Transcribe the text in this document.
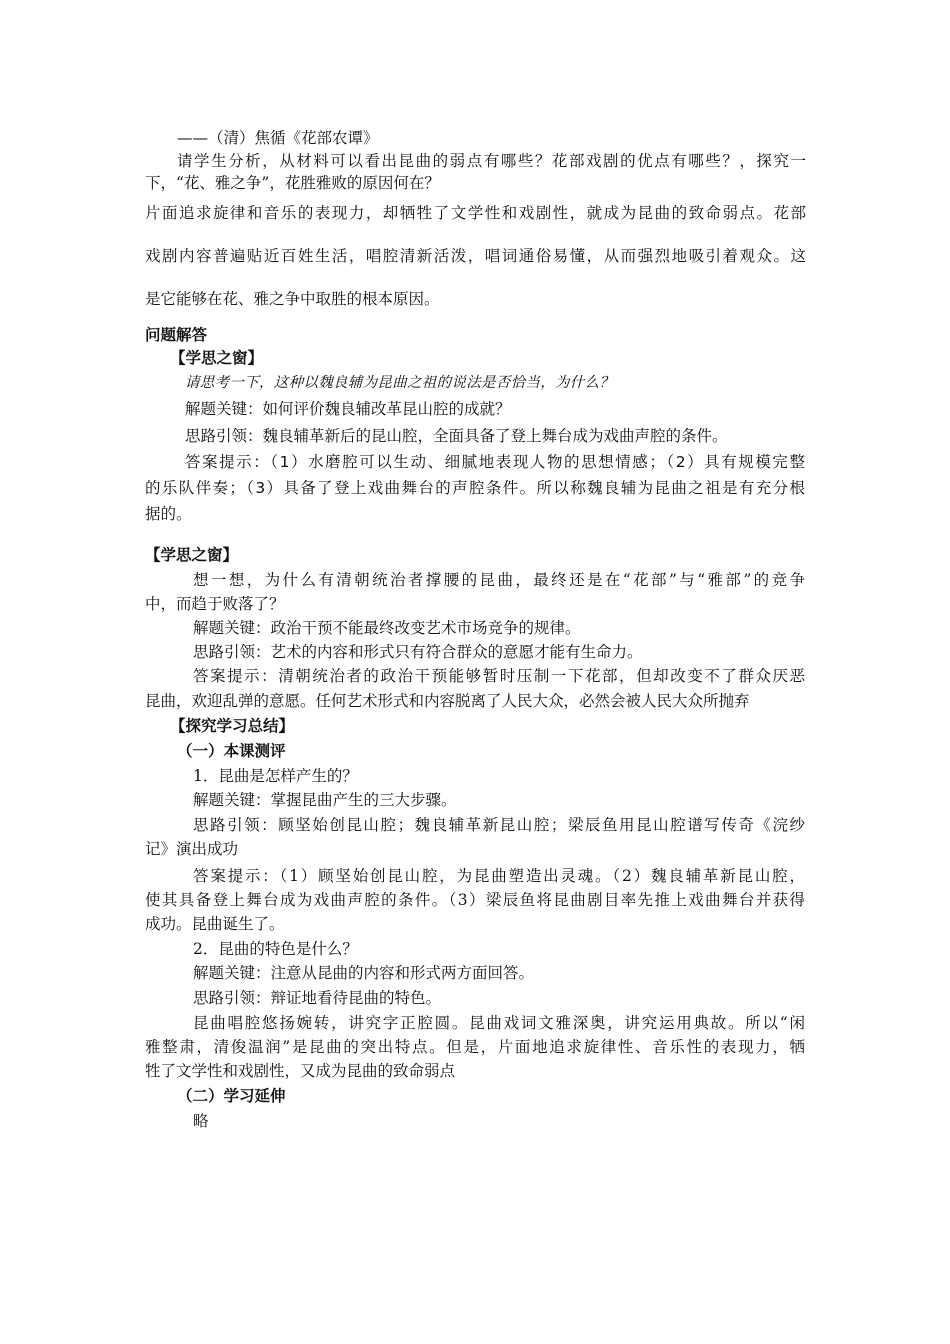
——（清）焦循《花部农谭》
请学生分析，从材料可以看出昆曲的弱点有哪些？花部戏剧的优点有哪些？，探究一
下，“花、雅之争”，花胜雅败的原因何在？
片面追求旋律和音乐的表现力，却牺牲了文学性和戏剧性，就成为昆曲的致命弱点。花部
戏剧内容普遍贴近百姓生活，唱腔清新活泼，唱词通俗易懂，从而强烈地吸引着观众。这
是它能够在花、雅之争中取胜的根本原因。
问题解答
【学思之窗】
请思考一下，这种以魏良辅为昆曲之祖的说法是否恰当，为什么？
解题关键：如何评价魏良辅改革昆山腔的成就？
思路引领：魏良辅革新后的昆山腔，全面具备了登上舞台成为戏曲声腔的条件。
答案提示：（1）水磨腔可以生动、细腻地表现人物的思想情感；（2）具有规模完整
的乐队伴奏；（3）具备了登上戏曲舞台的声腔条件。所以称魏良辅为昆曲之祖是有充分根
据的。
【学思之窗】
想一想，为什么有清朝统治者撑腰的昆曲，最终还是在“花部”与“雅部”的竞争
中，而趋于败落了？
解题关键：政治干预不能最终改变艺术市场竞争的规律。
思路引领：艺术的内容和形式只有符合群众的意愿才能有生命力。
答案提示：清朝统治者的政治干预能够暂时压制一下花部，但却改变不了群众厌恶
昆曲，欢迎乱弹的意愿。任何艺术形式和内容脱离了人民大众，必然会被人民大众所抛弃
【探究学习总结】
（一）本课测评
1．昆曲是怎样产生的？
解题关键：掌握昆曲产生的三大步骤。
思路引领：顾坚始创昆山腔；魏良辅革新昆山腔；梁辰鱼用昆山腔谱写传奇《浣纱
记》演出成功
答案提示：（1）顾坚始创昆山腔，为昆曲塑造出灵魂。（2）魏良辅革新昆山腔，
使其具备登上舞台成为戏曲声腔的条件。（3）梁辰鱼将昆曲剧目率先推上戏曲舞台并获得
成功。昆曲诞生了。
2．昆曲的特色是什么？
解题关键：注意从昆曲的内容和形式两方面回答。
思路引领：辩证地看待昆曲的特色。
昆曲唱腔悠扬婉转，讲究字正腔圆。昆曲戏词文雅深奥，讲究运用典故。所以“闲
雅整肃，清俊温润”是昆曲的突出特点。但是，片面地追求旋律性、音乐性的表现力，牺
牲了文学性和戏剧性，又成为昆曲的致命弱点
（二）学习延伸
略
